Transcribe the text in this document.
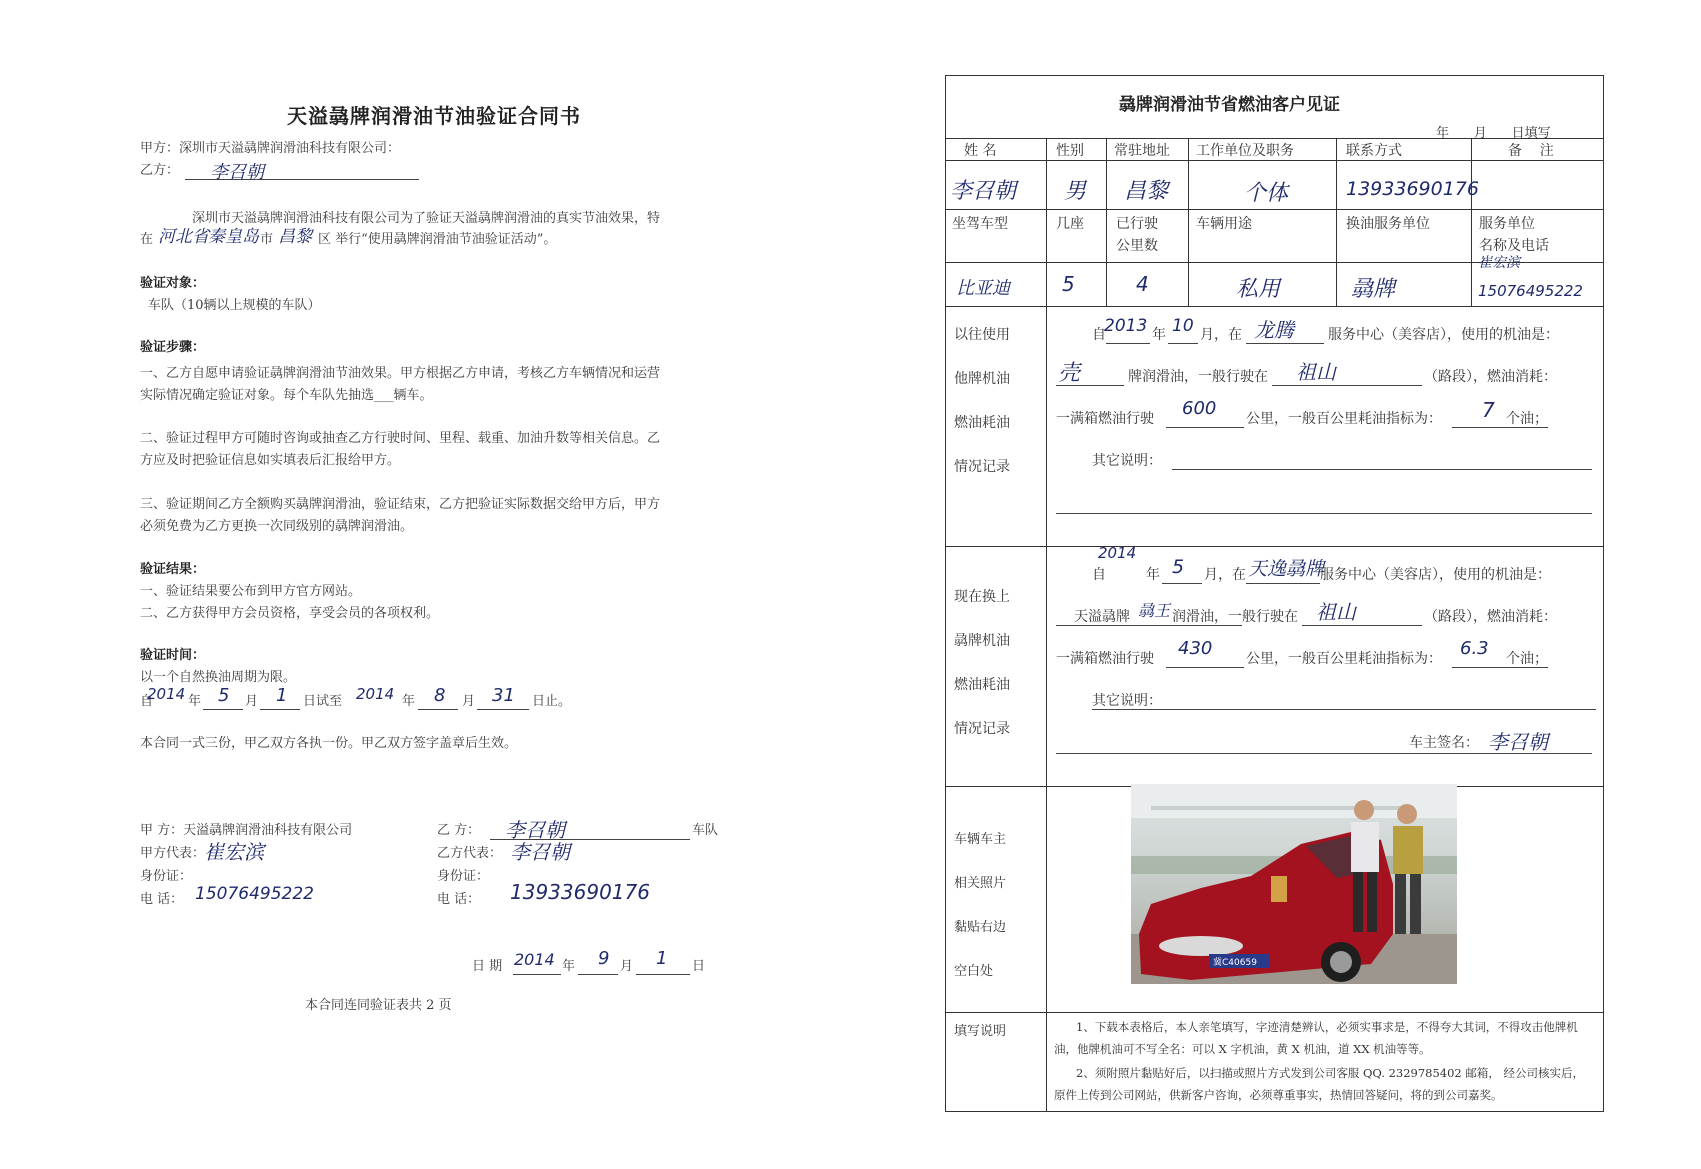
天溢骉牌润滑油节油验证合同书
甲方：深圳市天溢骉牌润滑油科技有限公司：
乙方： 李召朝
深圳市天溢骉牌润滑油科技有限公司为了验证天溢骉牌润滑油的真实节油效果，特
在 河北省 秦皇岛 市 昌黎 区 举行“使用骉牌润滑油节油验证活动”。
验证对象：
车队（10辆以上规模的车队）
验证步骤：
一、乙方自愿申请验证骉牌润滑油节油效果。甲方根据乙方申请，考核乙方车辆情况和运营
实际情况确定验证对象。每个车队先抽选___辆车。
二、验证过程甲方可随时咨询或抽查乙方行驶时间、里程、载重、加油升数等相关信息。乙
方应及时把验证信息如实填表后汇报给甲方。
三、验证期间乙方全额购买骉牌润滑油，验证结束，乙方把验证实际数据交给甲方后，甲方
必须免费为乙方更换一次同级别的骉牌润滑油。
验证结果：
一、验证结果要公布到甲方官方网站。
二、乙方获得甲方会员资格，享受会员的各项权利。
验证时间：
以一个自然换油周期为限。
自
2014 年 5 月 1 日试至 2014 年 8 月 31 日止。
本合同一式三份，甲乙双方各执一份。甲乙双方签字盖章后生效。
甲 方：天溢骉牌润滑油科技有限公司
甲方代表：
崔宏滨
身份证：
电 话： 15076495222
乙 方： 李召朝	车队
乙方代表： 李召朝
身份证：
电 话： 13933690176
日 期 2014 年 9 月 1 日
本合同连同验证表共 2 页
骉牌润滑油节省燃油客户见证
年      月      日填写
姓 名	性别 常驻地址 工作单位及职务	联系方式	备    注
李召朝 男 昌黎	个体	13933690176
坐驾车型	几座 已行驶
公里数
车辆用途	换油服务单位	服务单位
名称及电话
比亚迪	5	4	私用	骉牌
崔宏滨
15076495222
以往使用
他牌机油
燃油耗油
情况记录
自
2013 年 10 月，在 龙腾 服务中心（美容店），使用的机油是：
壳	牌润滑油，一般行驶在 祖山	（路段），燃油消耗：
一满箱燃油行驶 600 公里，一般百公里耗油指标为： 7 个油；
其它说明：
现在换上
骉牌机油
燃油耗油
情况记录
自
2014
年 5 月，在 天逸骉牌
服务中心（美容店），使用的机油是：
天溢骉牌 骉王 润滑油，一般行驶在 祖山	（路段），燃油消耗：
一满箱燃油行驶 430 公里，一般百公里耗油指标为： 6.3 个油；
其它说明：
车主签名： 李召朝
车辆车主
相关照片
黏贴右边
空白处
冀C40659
填写说明	1、下载本表格后，本人亲笔填写，字迹清楚辨认，必须实事求是，不得夸大其词，不得攻击他牌机油，他牌机油可不写全名：可以 X 字机油，黄 X 机油，道 XX 机油等等。
2、须附照片黏贴好后，以扫描或照片方式发到公司客服 QQ. 2329785402 邮箱， 经公司核实后，原件上传到公司网站，供新客户咨询，必须尊重事实，热情回答疑问，将的到公司嘉奖。
